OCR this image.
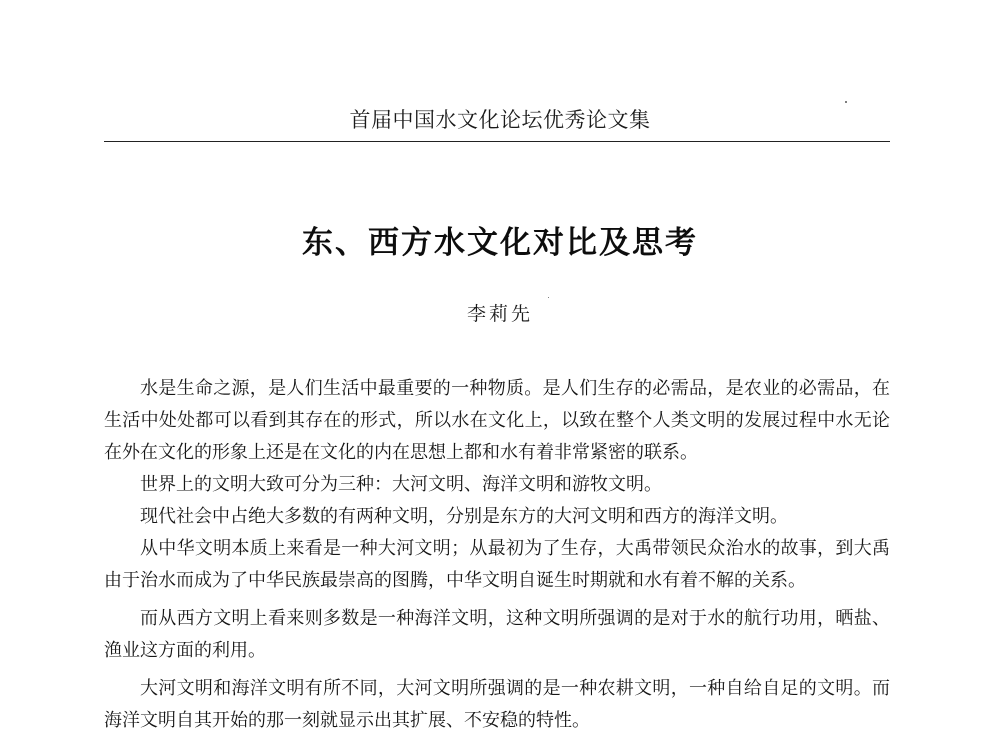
首届中国水文化论坛优秀论文集
东、西方水文化对比及思考
李莉先

水是生命之源，是人们生活中最重要的一种物质。是人们生存的必需品，是农业的必需品，在生活中处处都可以看到其存在的形式，所以水在文化上，以致在整个人类文明的发展过程中水无论在外在文化的形象上还是在文化的内在思想上都和水有着非常紧密的联系。

世界上的文明大致可分为三种：大河文明、海洋文明和游牧文明。

现代社会中占绝大多数的有两种文明，分别是东方的大河文明和西方的海洋文明。

从中华文明本质上来看是一种大河文明；从最初为了生存，大禹带领民众治水的故事，到大禹由于治水而成为了中华民族最崇高的图腾，中华文明自诞生时期就和水有着不解的关系。

而从西方文明上看来则多数是一种海洋文明，这种文明所强调的是对于水的航行功用，晒盐、渔业这方面的利用。

大河文明和海洋文明有所不同，大河文明所强调的是一种农耕文明，一种自给自足的文明。而海洋文明自其开始的那一刻就显示出其扩展、不安稳的特性。
